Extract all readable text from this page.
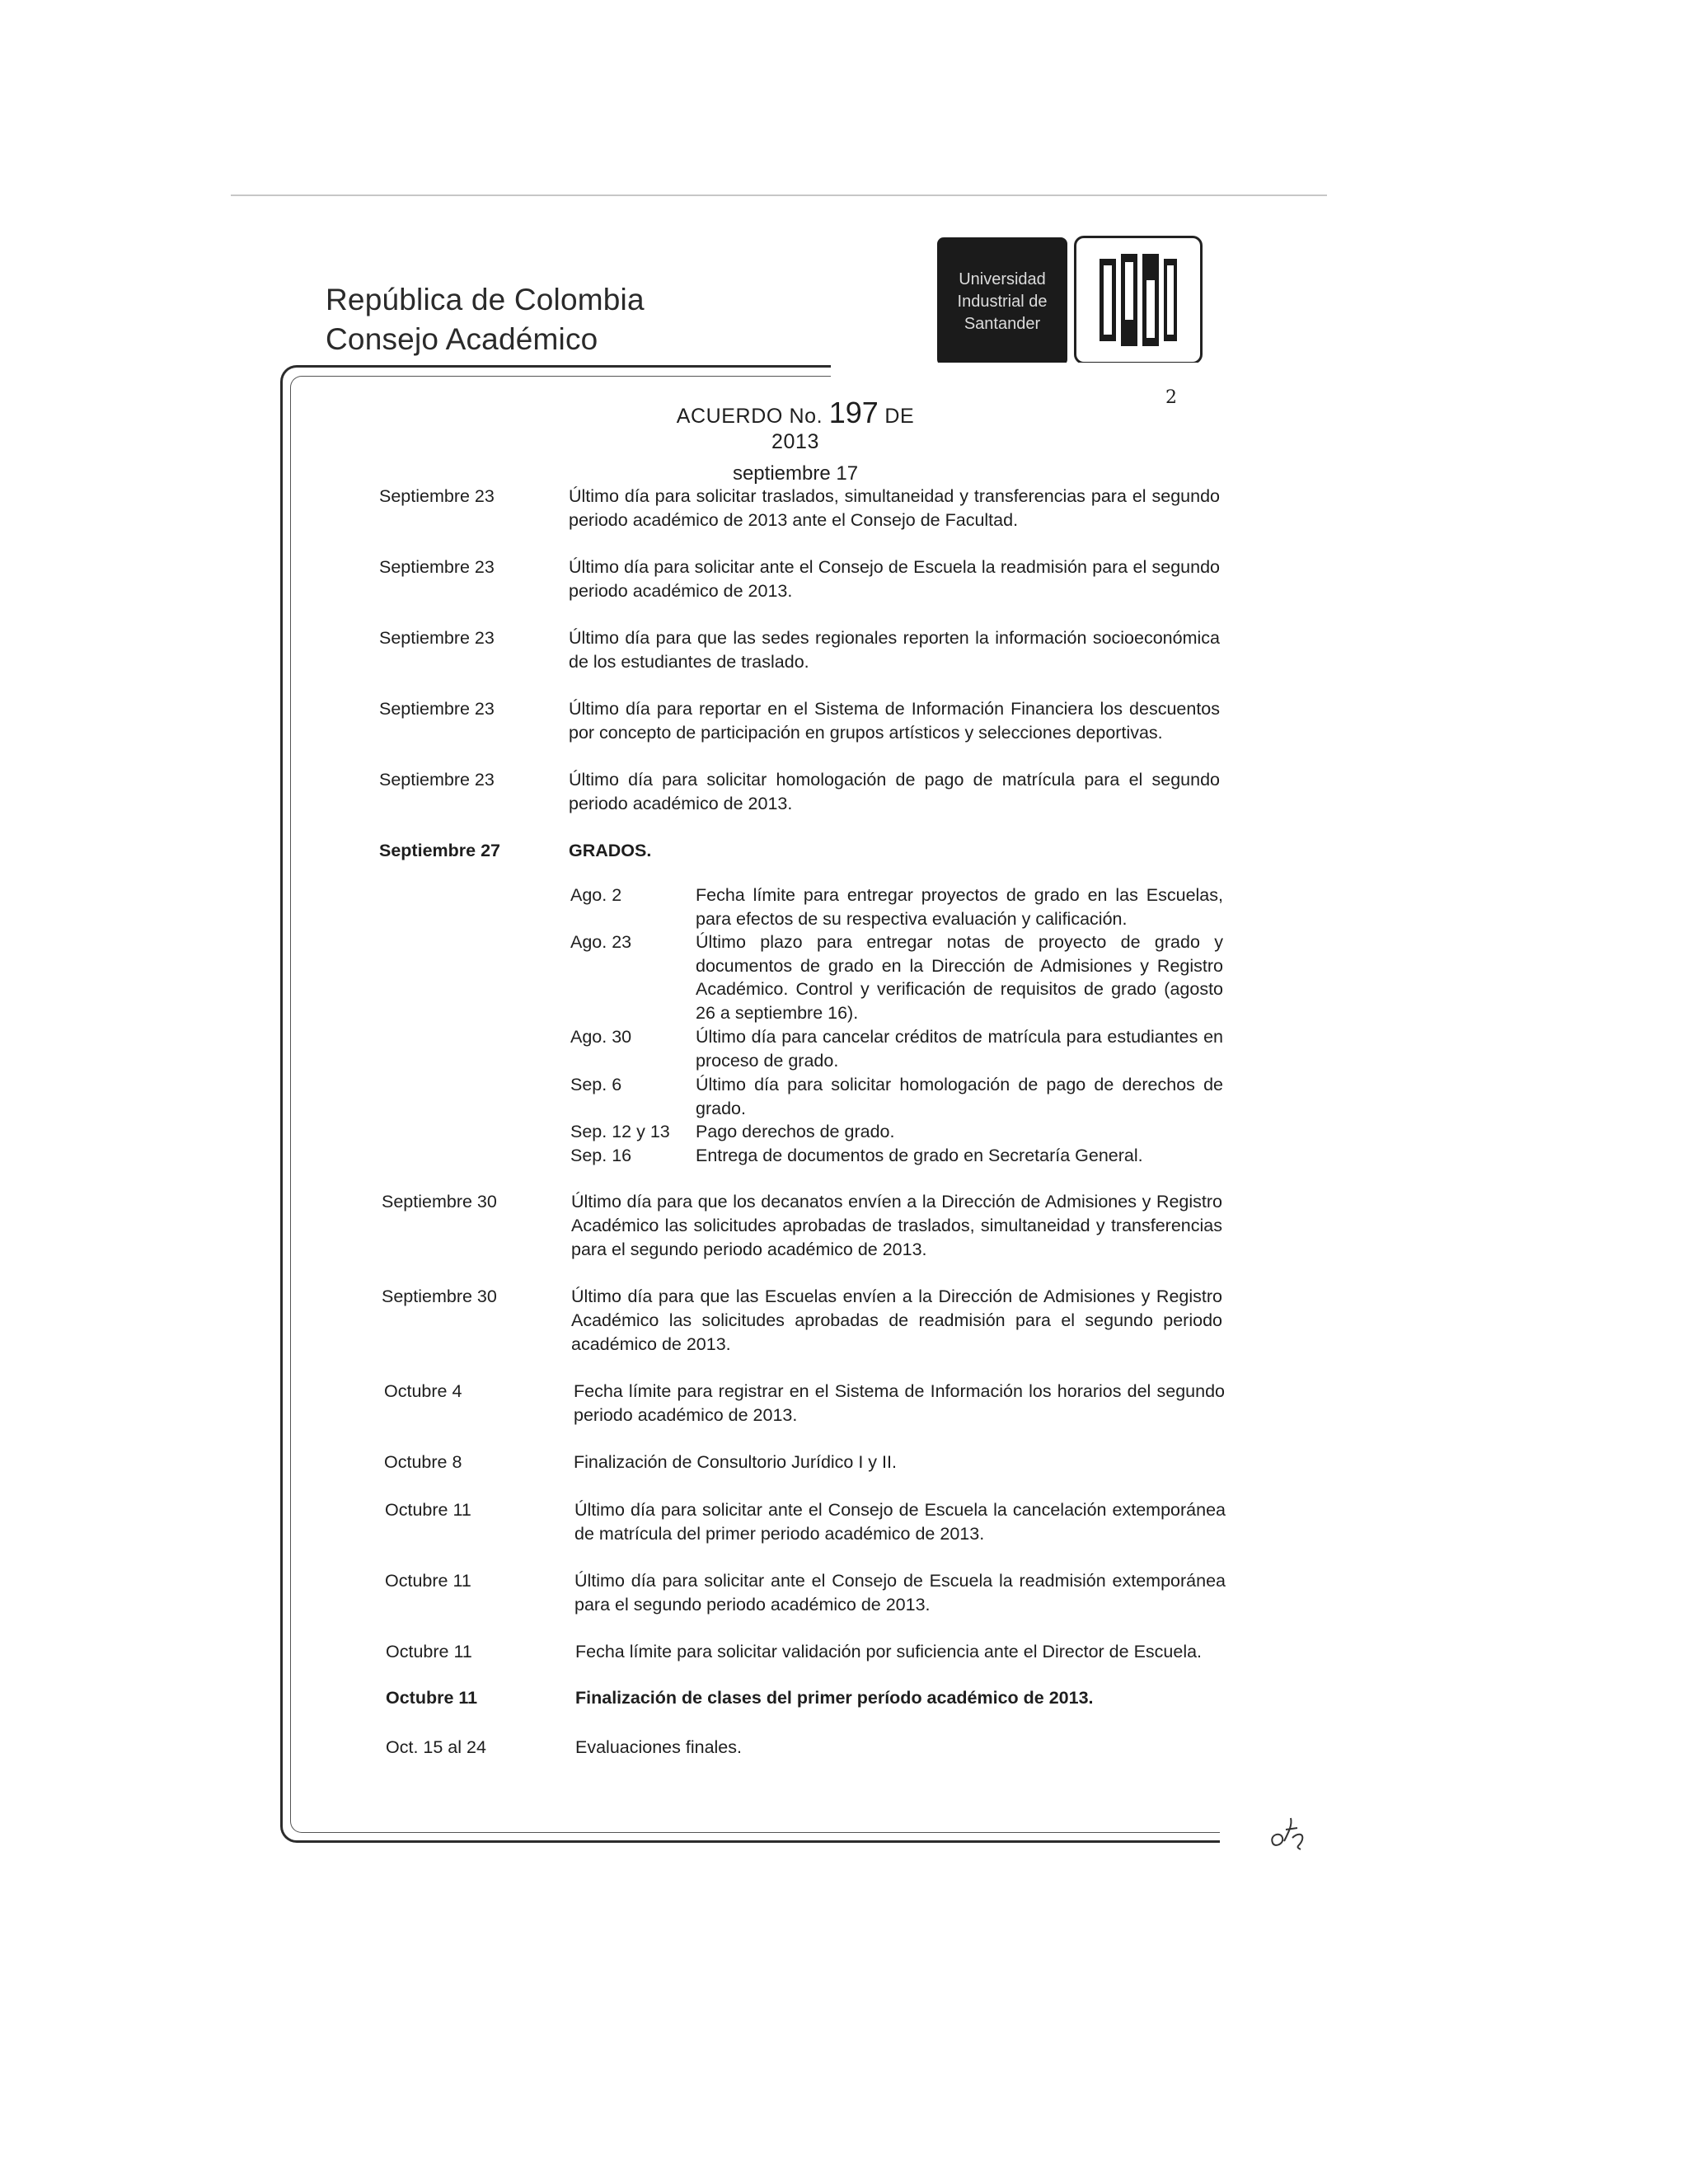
República de Colombia
Consejo Académico
Universidad
Industrial de
Santander
2
ACUERDO No. 197 DE 2013
septiembre 17
Septiembre 23	Último día para solicitar traslados, simultaneidad y transferencias para el segundo periodo académico de 2013 ante el Consejo de Facultad.
Septiembre 23	Último día para solicitar ante el Consejo de Escuela la readmisión para el segundo periodo académico de 2013.
Septiembre 23	Último día para que las sedes regionales reporten la información socioeconómica de los estudiantes de traslado.
Septiembre 23	Último día para reportar en el Sistema de Información Financiera los descuentos por concepto de participación en grupos artísticos y selecciones deportivas.
Septiembre 23	Último día para solicitar homologación de pago de matrícula para el segundo periodo académico de 2013.
Septiembre 27	GRADOS.
Ago. 2	Fecha límite para entregar proyectos de grado en las Escuelas, para efectos de su respectiva evaluación y calificación.
Ago. 23	Último plazo para entregar notas de proyecto de grado y documentos de grado en la Dirección de Admisiones y Registro Académico. Control y verificación de requisitos de grado (agosto 26 a septiembre 16).
Ago. 30	Último día para cancelar créditos de matrícula para estudiantes en proceso de grado.
Sep. 6	Último día para solicitar homologación de pago de derechos de grado.
Sep. 12 y 13	Pago derechos de grado.
Sep. 16	Entrega de documentos de grado en Secretaría General.
Septiembre 30	Último día para que los decanatos envíen a la Dirección de Admisiones y Registro Académico las solicitudes aprobadas de traslados, simultaneidad y transferencias para el segundo periodo académico de 2013.
Septiembre 30	Último día para que las Escuelas envíen a la Dirección de Admisiones y Registro Académico las solicitudes aprobadas de readmisión para el segundo periodo académico de 2013.
Octubre 4	Fecha límite para registrar en el Sistema de Información los horarios del segundo periodo académico de 2013.
Octubre 8	Finalización de Consultorio Jurídico I y II.
Octubre 11	Último día para solicitar ante el Consejo de Escuela la cancelación extemporánea de matrícula del primer periodo académico de 2013.
Octubre 11	Último día para solicitar ante el Consejo de Escuela la readmisión extemporánea para el segundo periodo académico de 2013.
Octubre 11	Fecha límite para solicitar validación por suficiencia ante el Director de Escuela.
Octubre 11	Finalización de clases del primer período académico de 2013.
Oct. 15 al 24	Evaluaciones finales.
